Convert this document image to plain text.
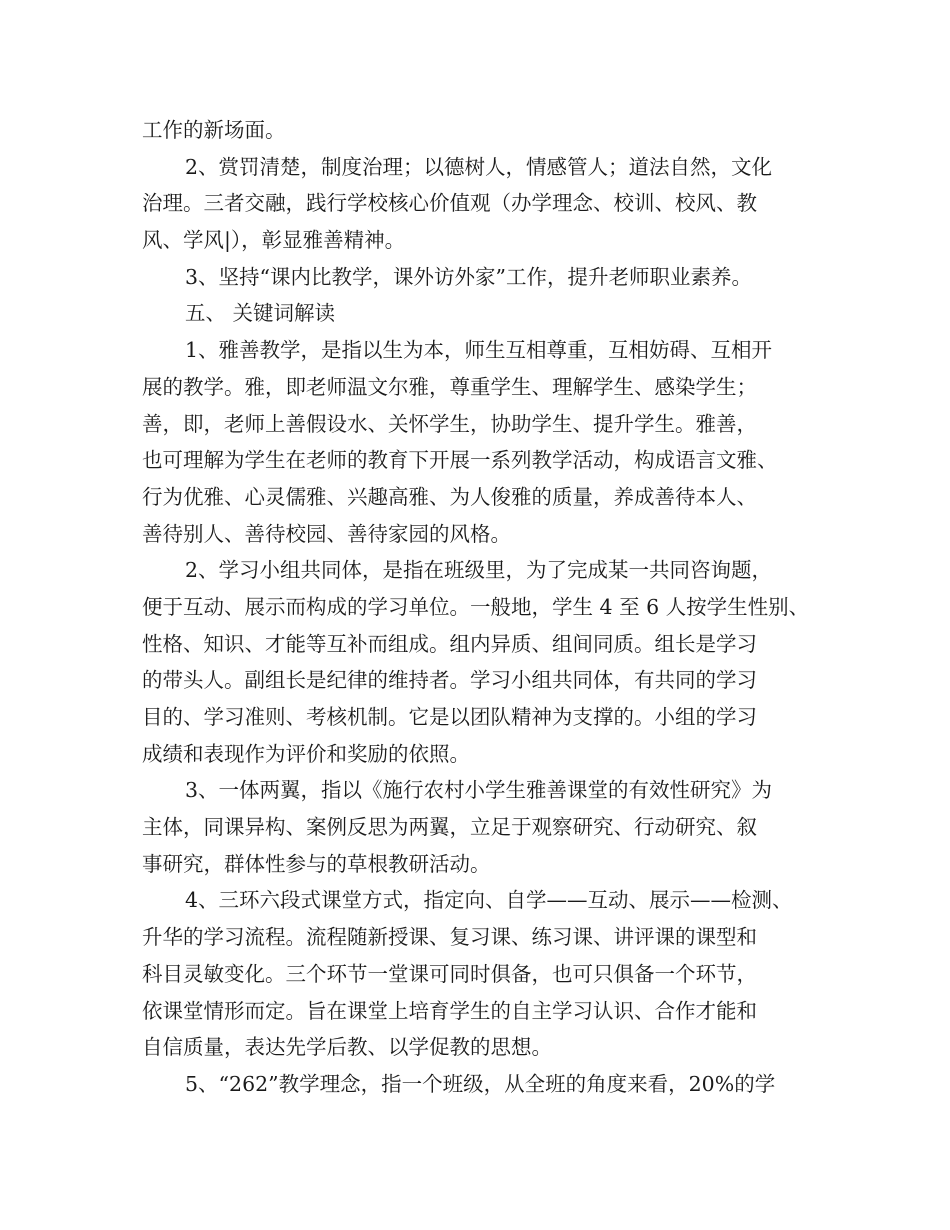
工作的新场面。
2、赏罚清楚，制度治理；以德树人，情感管人；道法自然，文化
治理。三者交融，践行学校核心价值观（办学理念、校训、校风、教
风、学风|），彰显雅善精神。
3、坚持“课内比教学，课外访外家”工作，提升老师职业素养。
五、 关键词解读
1、雅善教学，是指以生为本，师生互相尊重，互相妨碍、互相开
展的教学。雅，即老师温文尔雅，尊重学生、理解学生、感染学生；
善，即，老师上善假设水、关怀学生，协助学生、提升学生。雅善，
也可理解为学生在老师的教育下开展一系列教学活动，构成语言文雅、
行为优雅、心灵儒雅、兴趣高雅、为人俊雅的质量，养成善待本人、
善待别人、善待校园、善待家园的风格。
2、学习小组共同体，是指在班级里，为了完成某一共同咨询题，
便于互动、展示而构成的学习单位。一般地，学生 4 至 6 人按学生性别、
性格、知识、才能等互补而组成。组内异质、组间同质。组长是学习
的带头人。副组长是纪律的维持者。学习小组共同体，有共同的学习
目的、学习准则、考核机制。它是以团队精神为支撑的。小组的学习
成绩和表现作为评价和奖励的依照。
3、一体两翼，指以《施行农村小学生雅善课堂的有效性研究》为
主体，同课异构、案例反思为两翼，立足于观察研究、行动研究、叙
事研究，群体性参与的草根教研活动。
4、三环六段式课堂方式，指定向、自学——互动、展示——检测、
升华的学习流程。流程随新授课、复习课、练习课、讲评课的课型和
科目灵敏变化。三个环节一堂课可同时俱备，也可只俱备一个环节，
依课堂情形而定。旨在课堂上培育学生的自主学习认识、合作才能和
自信质量，表达先学后教、以学促教的思想。
5、“262”教学理念，指一个班级，从全班的角度来看，20%的学
